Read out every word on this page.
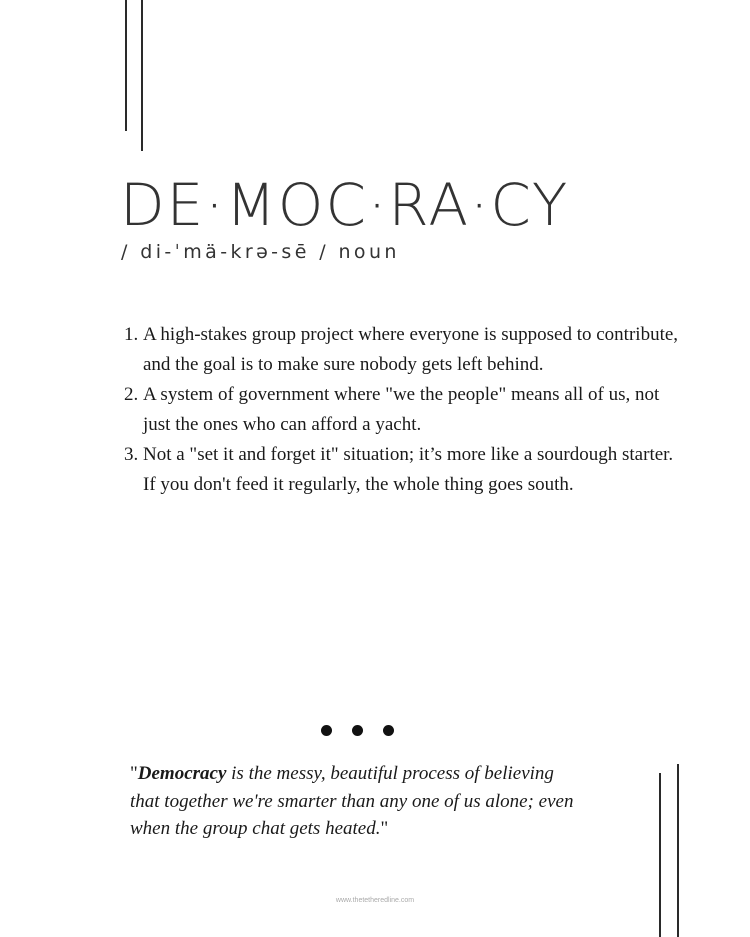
DE·MOC·RA·CY
/ di-ˈmä-krə-sē / noun
1. A high-stakes group project where everyone is supposed to contribute, and the goal is to make sure nobody gets left behind.
2. A system of government where "we the people" means all of us, not just the ones who can afford a yacht.
3. Not a "set it and forget it" situation; it’s more like a sourdough starter. If you don't feed it regularly, the whole thing goes south.

"Democracy is the messy, beautiful process of believing
that together we're smarter than any one of us alone; even
when the group chat gets heated."

www.thetetheredline.com
